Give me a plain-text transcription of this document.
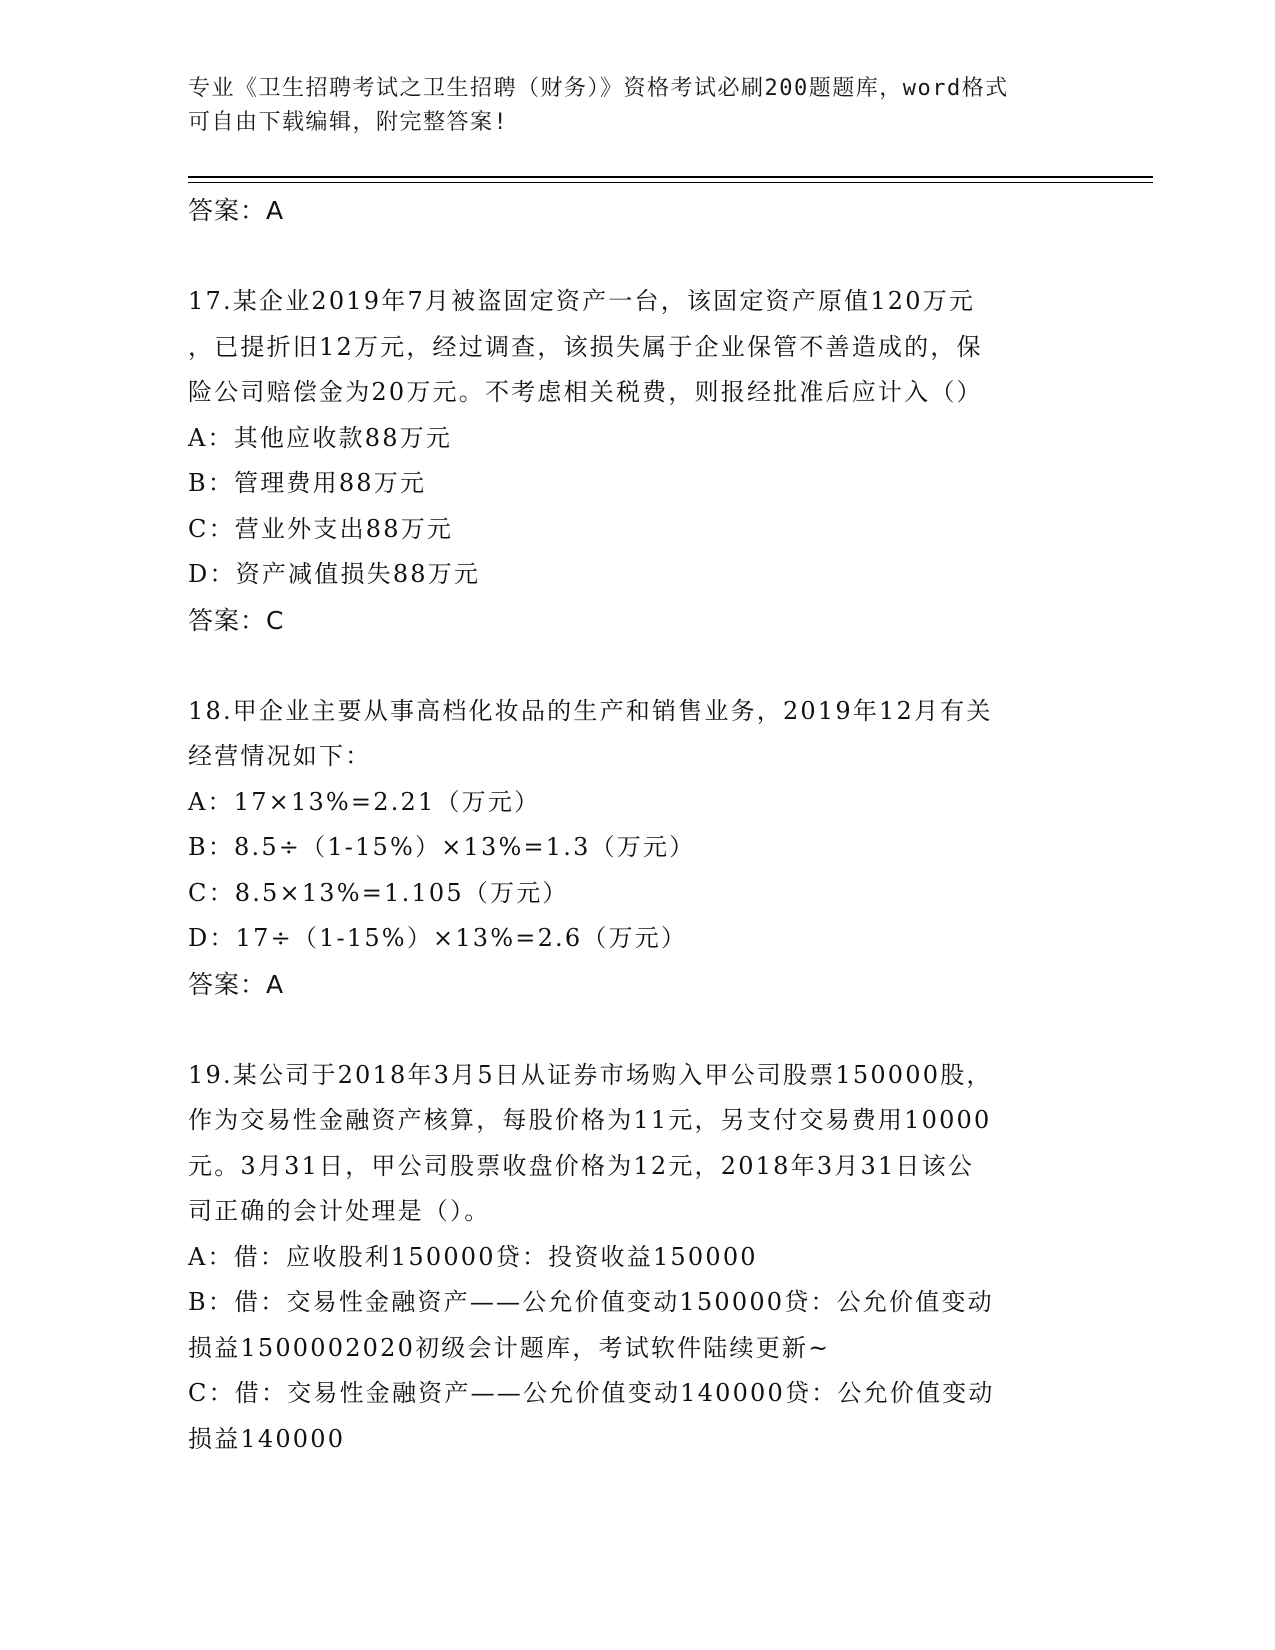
专业《卫生招聘考试之卫生招聘（财务）》资格考试必刷200题题库，word格式
可自由下载编辑，附完整答案!
答案：A
17.某企业2019年7月被盗固定资产一台，该固定资产原值120万元
，已提折旧12万元，经过调查，该损失属于企业保管不善造成的，保
险公司赔偿金为20万元。不考虑相关税费，则报经批准后应计入（）
A：其他应收款88万元
B：管理费用88万元
C：营业外支出88万元
D：资产减值损失88万元
答案：C
18.甲企业主要从事高档化妆品的生产和销售业务，2019年12月有关
经营情况如下：
A：17×13%=2.21（万元）
B：8.5÷（1-15%）×13%=1.3（万元）
C：8.5×13%=1.105（万元）
D：17÷（1-15%）×13%=2.6（万元）
答案：A
19.某公司于2018年3月5日从证券市场购入甲公司股票150000股，
作为交易性金融资产核算，每股价格为11元，另支付交易费用10000
元。3月31日，甲公司股票收盘价格为12元，2018年3月31日该公
司正确的会计处理是（）。
A：借：应收股利150000贷：投资收益150000
B：借：交易性金融资产——公允价值变动150000贷：公允价值变动
损益1500002020初级会计题库，考试软件陆续更新~
C：借：交易性金融资产——公允价值变动140000贷：公允价值变动
损益140000
